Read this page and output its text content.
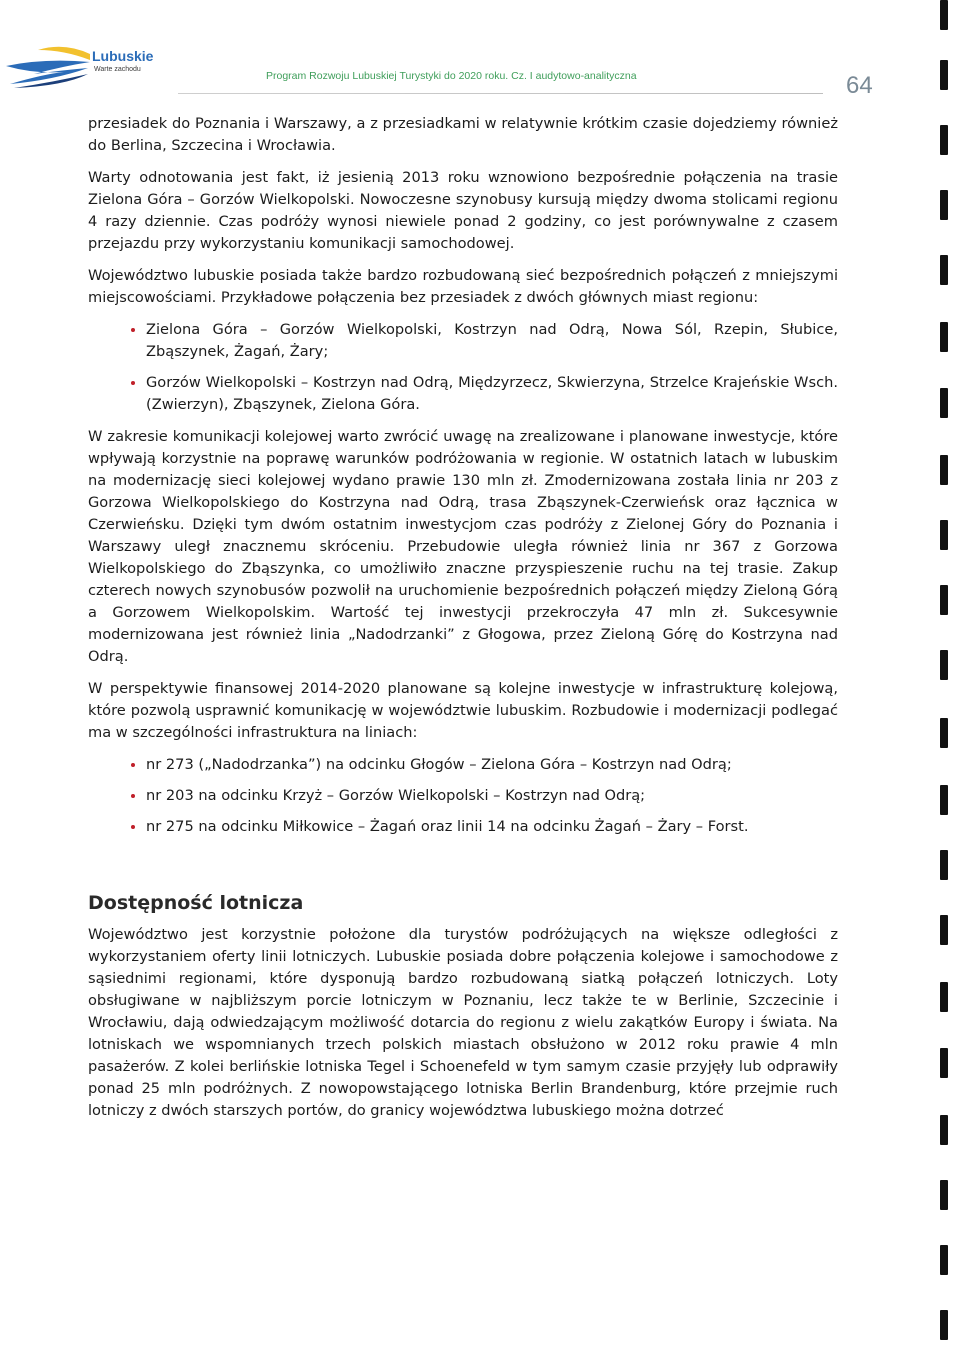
Lubuskie
Warte zachodu
Program Rozwoju Lubuskiej Turystyki do 2020 roku. Cz. I audytowo-analityczna	64

przesiadek do Poznania i Warszawy, a z przesiadkami w relatywnie krótkim czasie dojedziemy również do Berlina, Szczecina i Wrocławia.

Warty odnotowania jest fakt, iż jesienią 2013 roku wznowiono bezpośrednie połączenia na trasie Zielona Góra – Gorzów Wielkopolski. Nowoczesne szynobusy kursują między dwoma stolicami regionu 4 razy dziennie. Czas podróży wynosi niewiele ponad 2 godziny, co jest porównywalne z czasem przejazdu przy wykorzystaniu komunikacji samochodowej.

Województwo lubuskie posiada także bardzo rozbudowaną sieć bezpośrednich połączeń z mniejszymi miejscowościami. Przykładowe połączenia bez przesiadek z dwóch głównych miast regionu:

• Zielona Góra – Gorzów Wielkopolski, Kostrzyn nad Odrą, Nowa Sól, Rzepin, Słubice, Zbąszynek, Żagań, Żary;
• Gorzów Wielkopolski – Kostrzyn nad Odrą, Międzyrzecz, Skwierzyna, Strzelce Krajeńskie Wsch. (Zwierzyn), Zbąszynek, Zielona Góra.

W zakresie komunikacji kolejowej warto zwrócić uwagę na zrealizowane i planowane inwestycje, które wpływają korzystnie na poprawę warunków podróżowania w regionie. W ostatnich latach w lubuskim na modernizację sieci kolejowej wydano prawie 130 mln zł. Zmodernizowana została linia nr 203 z Gorzowa Wielkopolskiego do Kostrzyna nad Odrą, trasa Zbąszynek-Czerwieńsk oraz łącznica w Czerwieńsku. Dzięki tym dwóm ostatnim inwestycjom czas podróży z Zielonej Góry do Poznania i Warszawy uległ znacznemu skróceniu. Przebudowie uległa również linia nr 367 z Gorzowa Wielkopolskiego do Zbąszynka, co umożliwiło znaczne przyspieszenie ruchu na tej trasie. Zakup czterech nowych szynobusów pozwolił na uruchomienie bezpośrednich połączeń między Zieloną Górą a Gorzowem Wielkopolskim. Wartość tej inwestycji przekroczyła 47 mln zł. Sukcesywnie modernizowana jest również linia „Nadodrzanki” z Głogowa, przez Zieloną Górę do Kostrzyna nad Odrą.

W perspektywie finansowej 2014-2020 planowane są kolejne inwestycje w infrastrukturę kolejową, które pozwolą usprawnić komunikację w województwie lubuskim. Rozbudowie i modernizacji podlegać ma w szczególności infrastruktura na liniach:

• nr 273 („Nadodrzanka”) na odcinku Głogów – Zielona Góra – Kostrzyn nad Odrą;
• nr 203 na odcinku Krzyż – Gorzów Wielkopolski – Kostrzyn nad Odrą;
• nr 275 na odcinku Miłkowice – Żagań oraz linii 14 na odcinku Żagań – Żary – Forst.
Dostępność lotnicza

Województwo jest korzystnie położone dla turystów podróżujących na większe odległości z wykorzystaniem oferty linii lotniczych. Lubuskie posiada dobre połączenia kolejowe i samochodowe z sąsiednimi regionami, które dysponują bardzo rozbudowaną siatką połączeń lotniczych. Loty obsługiwane w najbliższym porcie lotniczym w Poznaniu, lecz także te w Berlinie, Szczecinie i Wrocławiu, dają odwiedzającym możliwość dotarcia do regionu z wielu zakątków Europy i świata. Na lotniskach we wspomnianych trzech polskich miastach obsłużono w 2012 roku prawie 4 mln pasażerów. Z kolei berlińskie lotniska Tegel i Schoenefeld w tym samym czasie przyjęły lub odprawiły ponad 25 mln podróżnych. Z nowopowstającego lotniska Berlin Brandenburg, które przejmie ruch lotniczy z dwóch starszych portów, do granicy województwa lubuskiego można dotrzeć
